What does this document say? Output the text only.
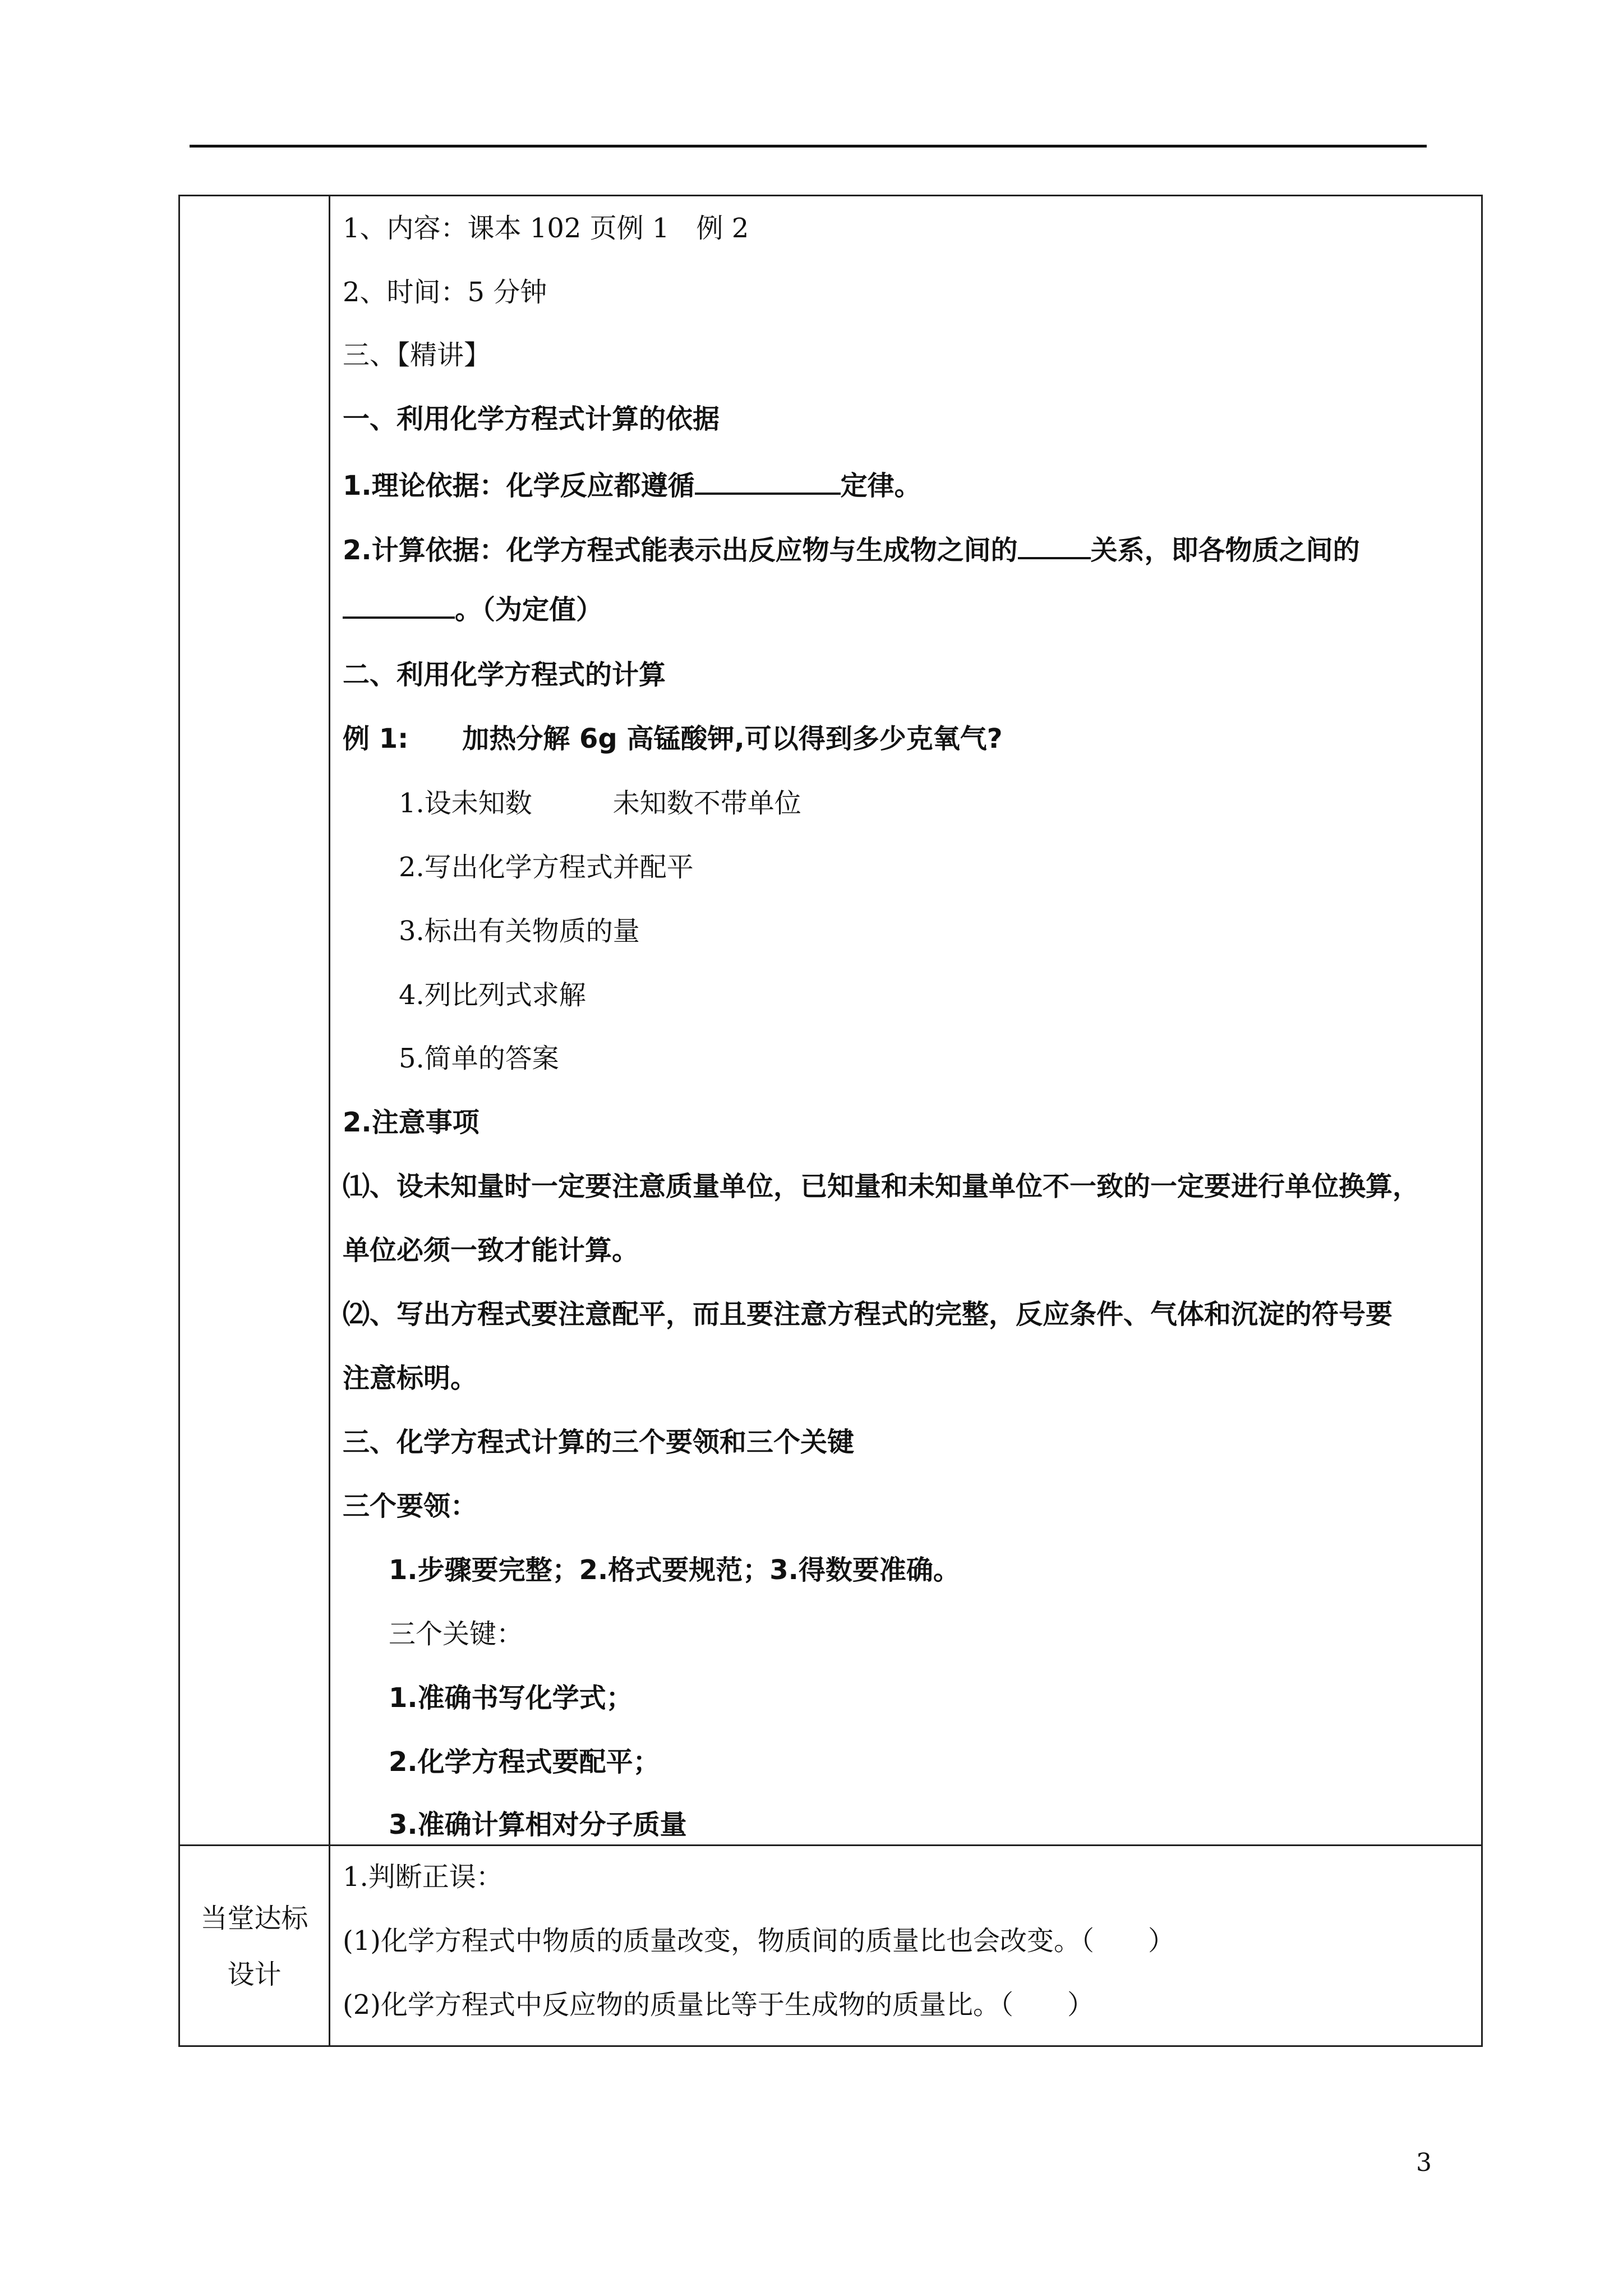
当堂达标
设计
1、内容：课本 102 页例 1　例 2
2、时间：5 分钟
三、【精讲】
一、利用化学方程式计算的依据
1.理论依据：化学反应都遵循	定律。
2.计算依据：化学方程式能表示出反应物与生成物之间的	关系，即各物质之间的
。（为定值）
二、利用化学方程式的计算
例 1:　　加热分解 6g 高锰酸钾,可以得到多少克氧气?
1.设未知数　　　未知数不带单位
2.写出化学方程式并配平
3.标出有关物质的量
4.列比列式求解
5.简单的答案
2.注意事项
⑴、设未知量时一定要注意质量单位，已知量和未知量单位不一致的一定要进行单位换算，
单位必须一致才能计算。
⑵、写出方程式要注意配平，而且要注意方程式的完整，反应条件、气体和沉淀的符号要
注意标明。
三、化学方程式计算的三个要领和三个关键
三个要领：
1.步骤要完整；2.格式要规范；3.得数要准确。
三个关键：
1.准确书写化学式；
2.化学方程式要配平；
3.准确计算相对分子质量
1.判断正误：
(1)化学方程式中物质的质量改变，物质间的质量比也会改变。（　　）
(2)化学方程式中反应物的质量比等于生成物的质量比。（　　）
3
